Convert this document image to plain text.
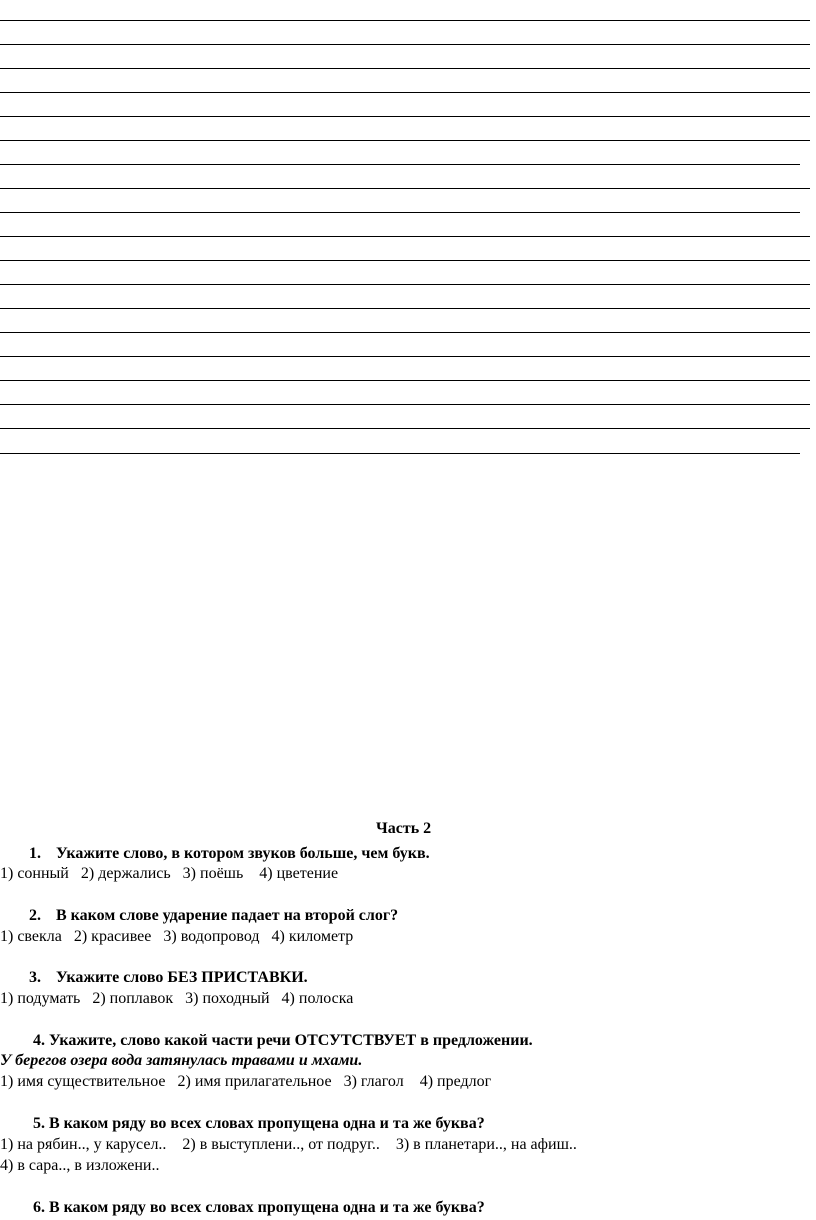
Часть 2
1. Укажите слово, в котором звуков больше, чем букв.
1) сонный   2) держались   3) поёшь    4) цветение
2. В каком слове ударение падает на второй слог?
1) свекла   2) красивее   3) водопровод   4) километр
3. Укажите слово БЕЗ ПРИСТАВКИ.
1) подумать   2) поплавок   3) походный   4) полоска
4. Укажите, слово какой части речи ОТСУТСТВУЕТ в предложении.
У берегов озера вода затянулась травами и мхами.
1) имя существительное   2) имя прилагательное   3) глагол    4) предлог
5. В каком ряду во всех словах пропущена одна и та же буква?
1) на рябин.., у карусел..    2) в выступлени.., от подруг..    3) в планетари.., на афиш..
4) в сара.., в изложени..
6. В каком ряду во всех словах пропущена одна и та же буква?
